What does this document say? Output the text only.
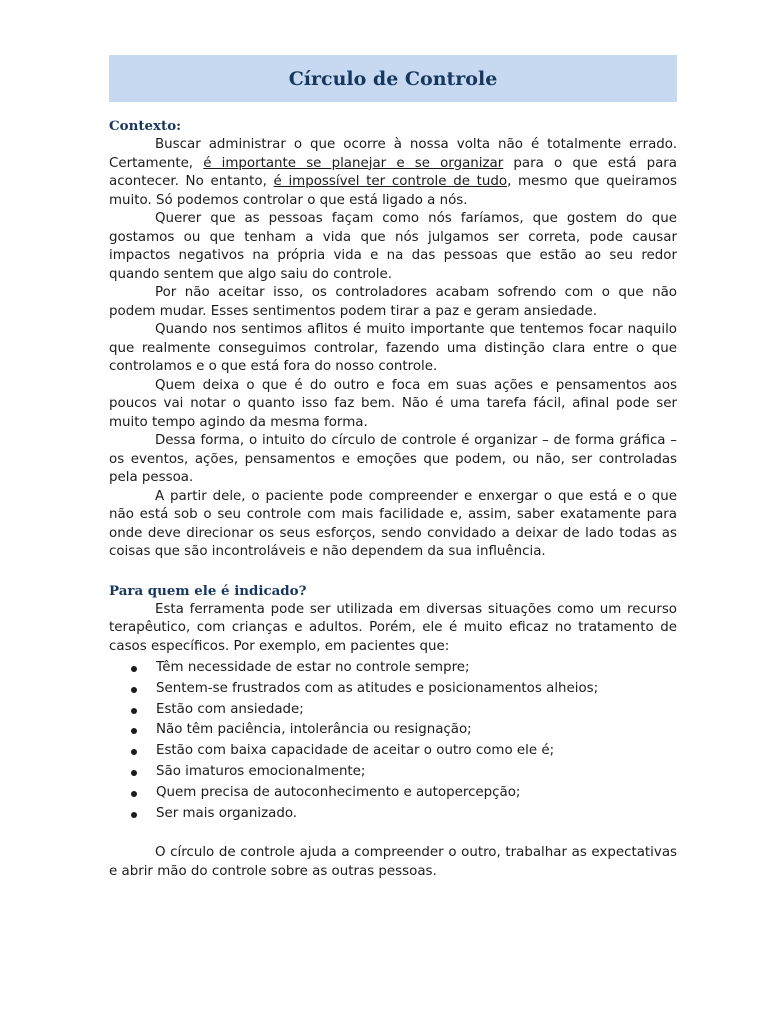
Círculo de Controle
Contexto:

Buscar administrar o que ocorre à nossa volta não é totalmente errado. Certamente, é importante se planejar e se organizar para o que está para acontecer. No entanto, é impossível ter controle de tudo, mesmo que queiramos muito. Só podemos controlar o que está ligado a nós.

Querer que as pessoas façam como nós faríamos, que gostem do que gostamos ou que tenham a vida que nós julgamos ser correta, pode causar impactos negativos na própria vida e na das pessoas que estão ao seu redor quando sentem que algo saiu do controle.

Por não aceitar isso, os controladores acabam sofrendo com o que não podem mudar. Esses sentimentos podem tirar a paz e geram ansiedade.

Quando nos sentimos aflitos é muito importante que tentemos focar naquilo que realmente conseguimos controlar, fazendo uma distinção clara entre o que controlamos e o que está fora do nosso controle.

Quem deixa o que é do outro e foca em suas ações e pensamentos aos poucos vai notar o quanto isso faz bem. Não é uma tarefa fácil, afinal pode ser muito tempo agindo da mesma forma.

Dessa forma, o intuito do círculo de controle é organizar – de forma gráfica – os eventos, ações, pensamentos e emoções que podem, ou não, ser controladas pela pessoa.

A partir dele, o paciente pode compreender e enxergar o que está e o que não está sob o seu controle com mais facilidade e, assim, saber exatamente para onde deve direcionar os seus esforços, sendo convidado a deixar de lado todas as coisas que são incontroláveis e não dependem da sua influência.

Para quem ele é indicado?

Esta ferramenta pode ser utilizada em diversas situações como um recurso terapêutico, com crianças e adultos. Porém, ele é muito eficaz no tratamento de casos específicos. Por exemplo, em pacientes que:

Têm necessidade de estar no controle sempre;
Sentem-se frustrados com as atitudes e posicionamentos alheios;
Estão com ansiedade;
Não têm paciência, intolerância ou resignação;
Estão com baixa capacidade de aceitar o outro como ele é;
São imaturos emocionalmente;
Quem precisa de autoconhecimento e autopercepção;
Ser mais organizado.

O círculo de controle ajuda a compreender o outro, trabalhar as expectativas e abrir mão do controle sobre as outras pessoas.
